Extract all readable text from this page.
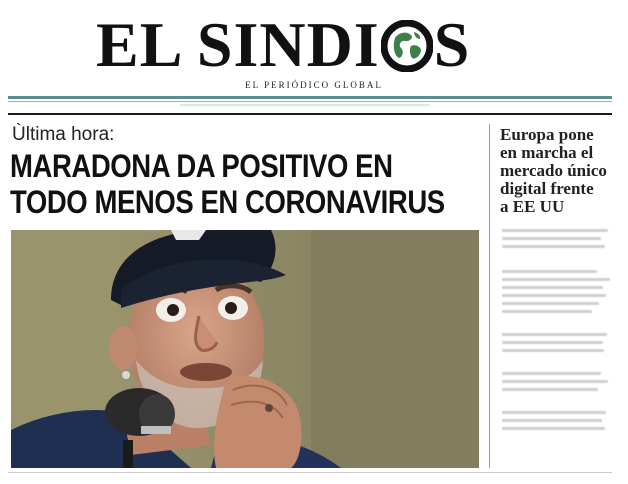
EL SINDI S
EL PERIÓDICO GLOBAL
Ùltima hora:
MARADONA DA POSITIVO EN
TODO MENOS EN CORONAVIRUS
Europa pone
en marcha el
mercado único
digital frente
a EE UU
